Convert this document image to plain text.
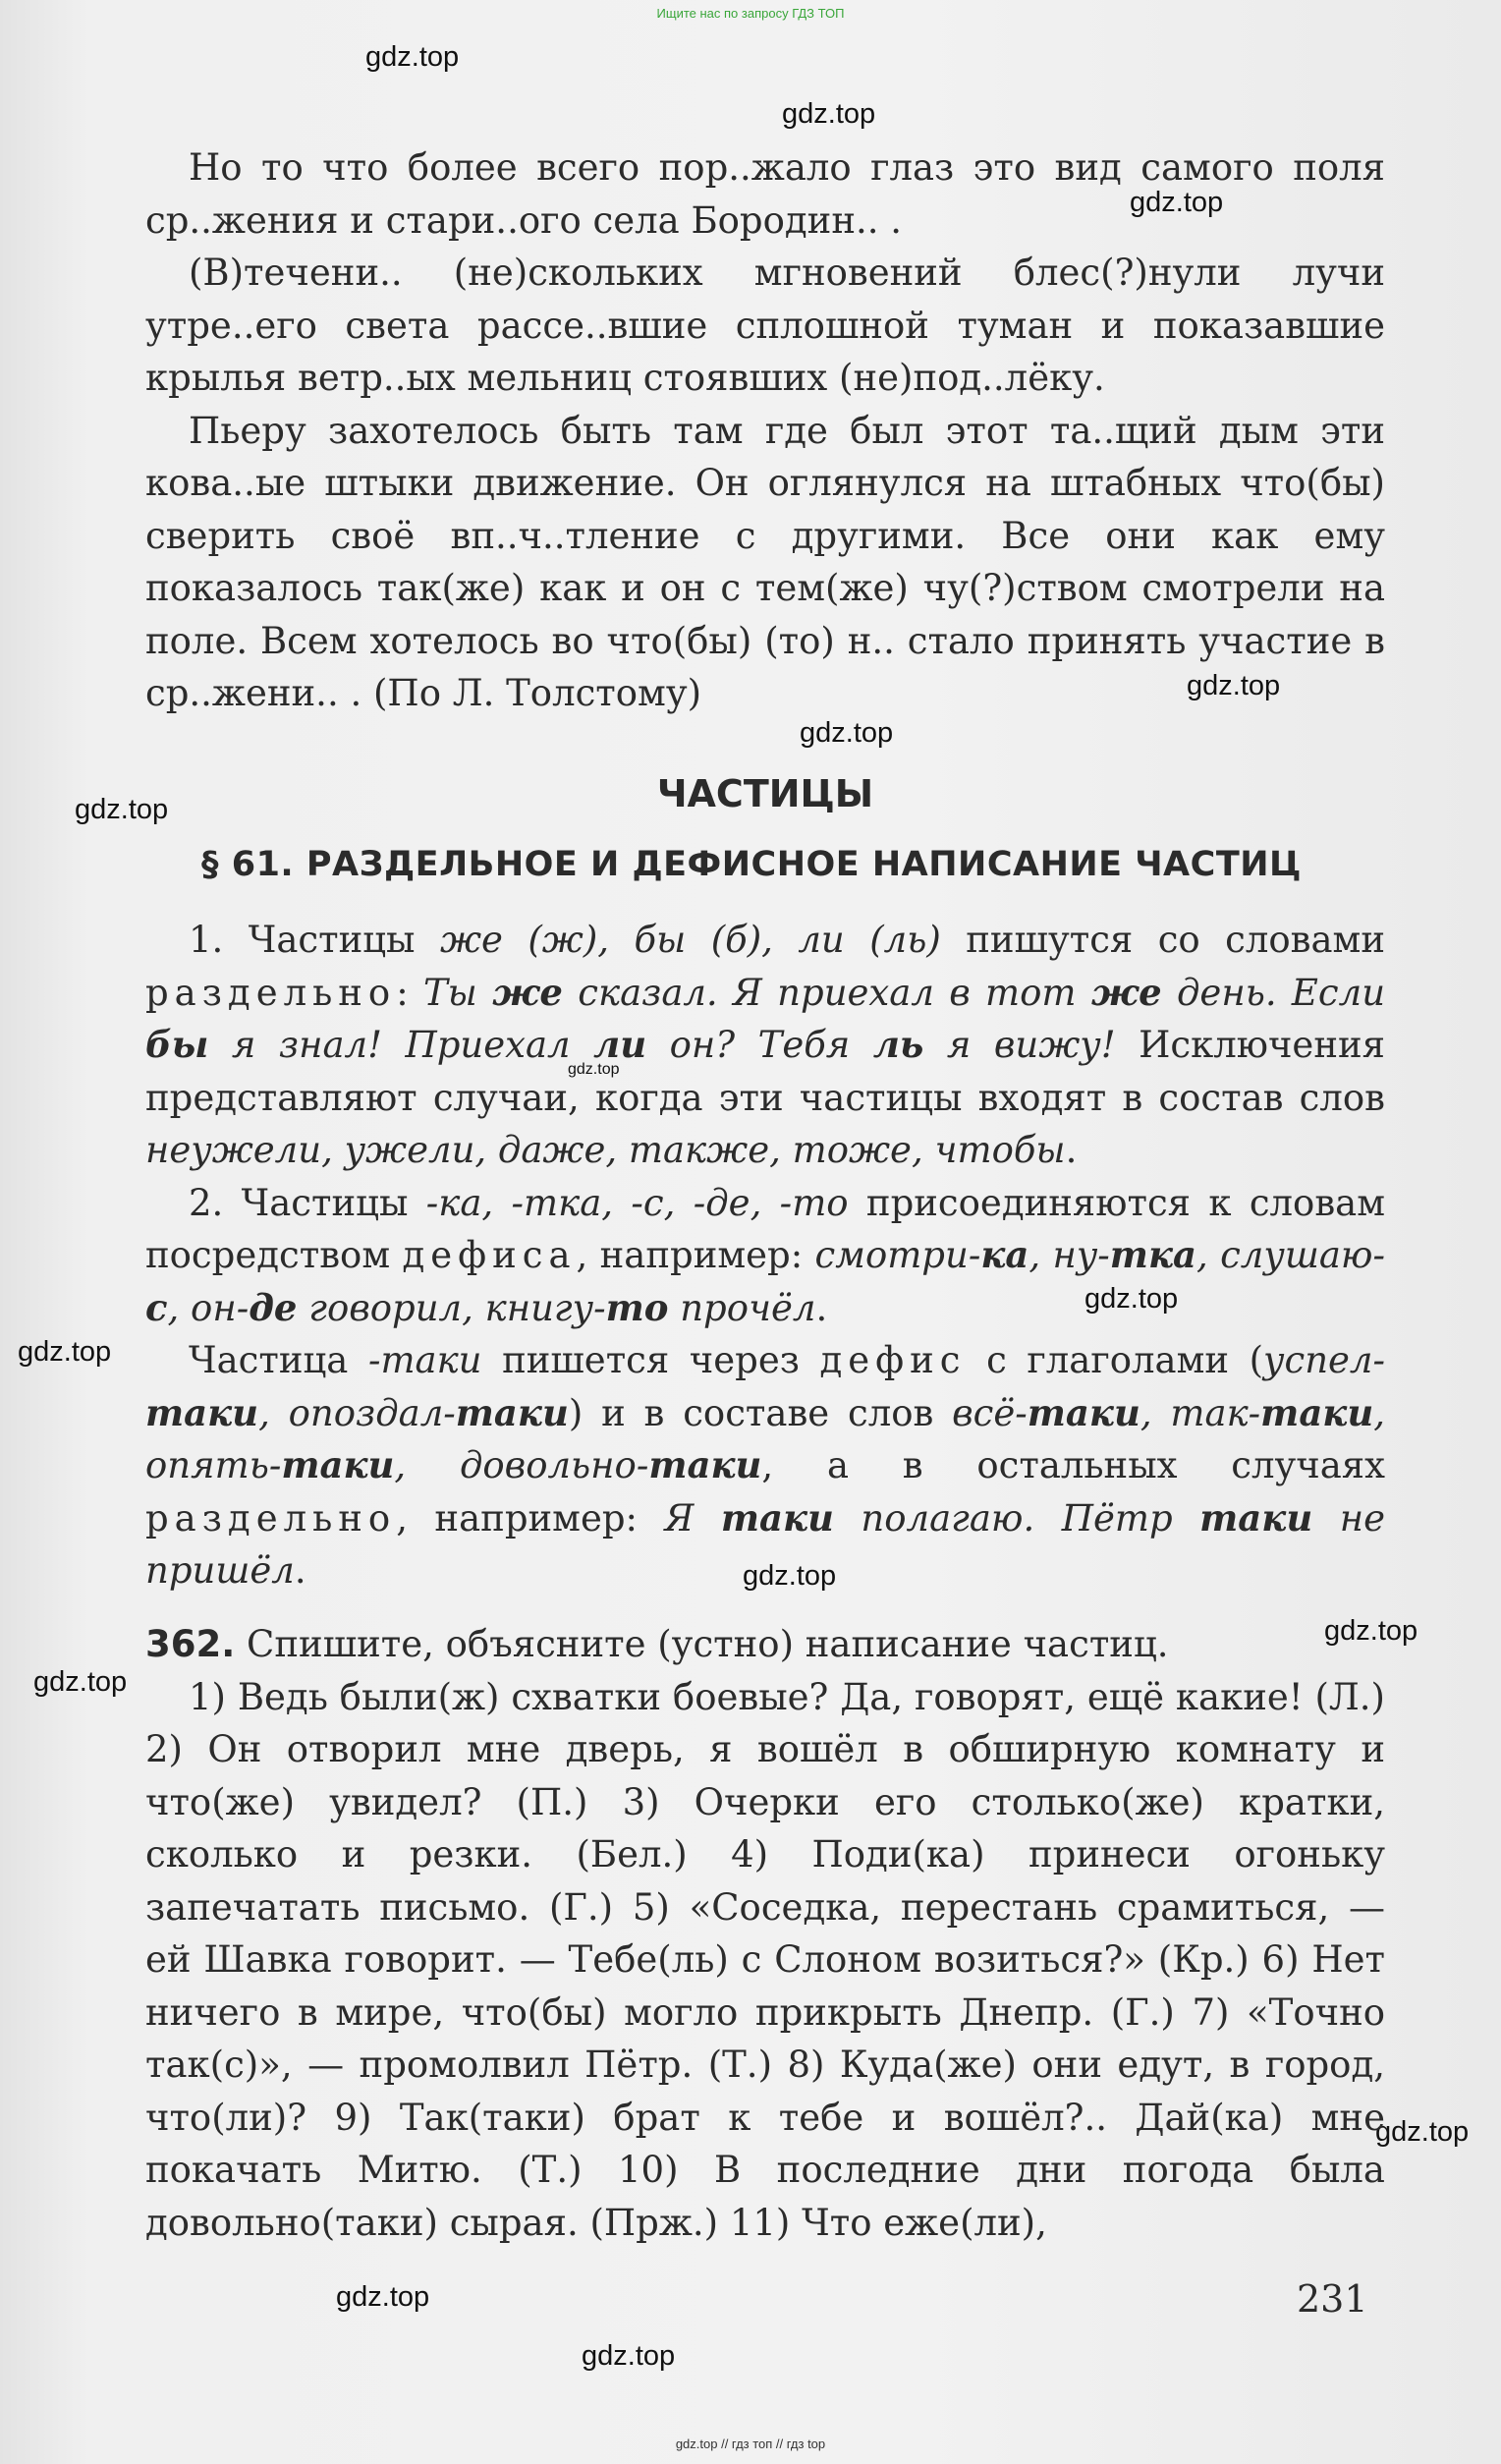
Ищите нас по запросу ГДЗ ТОП
gdz.top
gdz.top
gdz.top
gdz.top
gdz.top
gdz.top
gdz.top
gdz.top
gdz.top
gdz.top
gdz.top
gdz.top
gdz.top
gdz.top
gdz.top

Но то что более всего пор..жало глаз это вид самого поля ср..жения и стари..ого села Бородин.. .

(В)течени.. (не)скольких мгновений блес(?)нули лучи утре..его света рассе..вшие сплошной туман и показавшие крылья ветр..ых мельниц стоявших (не)под..лёку.

Пьеру захотелось быть там где был этот та..щий дым эти кова..ые штыки движение. Он оглянулся на штабных что(бы) сверить своё вп..ч..тление с другими. Все они как ему показалось так(же) как и он с тем(же) чу(?)ством смотрели на поле. Всем хотелось во что(бы) (то) н.. стало принять участие в ср..жени.. . (По Л. Толстому)

ЧАСТИЦЫ
§ 61. РАЗДЕЛЬНОЕ И ДЕФИСНОЕ НАПИСАНИЕ ЧАСТИЦ

1. Частицы же (ж), бы (б), ли (ль) пишутся со словами раздельно: Ты же сказал. Я приехал в тот же день. Если бы я знал! Приехал ли он? Тебя ль я вижу! Исключения представляют случаи, когда эти частицы входят в состав слов неужели, ужели, даже, также, тоже, чтобы.

2. Частицы -ка, -тка, -с, -де, -то присоединяются к словам посредством дефиса, например: смотри-ка, ну-тка, слушаю-с, он-де говорил, книгу-то прочёл.

Частица -таки пишется через дефис с глаголами (успел-таки, опоздал-таки) и в составе слов всё-таки, так-таки, опять-таки, довольно-таки, а в остальных случаях раздельно, например: Я таки полагаю. Пётр таки не пришёл.

362. Спишите, объясните (устно) написание частиц.

1) Ведь были(ж) схватки боевые? Да, говорят, ещё какие! (Л.) 2) Он отворил мне дверь, я вошёл в обширную комнату и что(же) увидел? (П.) 3) Очерки его столько(же) кратки, сколько и резки. (Бел.) 4) Поди(ка) принеси огоньку запечатать письмо. (Г.) 5) «Соседка, перестань срамиться, — ей Шавка говорит. — Тебе(ль) с Слоном возиться?» (Кр.) 6) Нет ничего в мире, что(бы) могло прикрыть Днепр. (Г.) 7) «Точно так(с)», — промолвил Пётр. (Т.) 8) Куда(же) они едут, в город, что(ли)? 9) Так(таки) брат к тебе и вошёл?.. Дай(ка) мне покачать Митю. (Т.) 10) В последние дни погода была довольно(таки) сырая. (Прж.) 11) Что еже(ли),

231
gdz.top // гдз топ // гдз top
